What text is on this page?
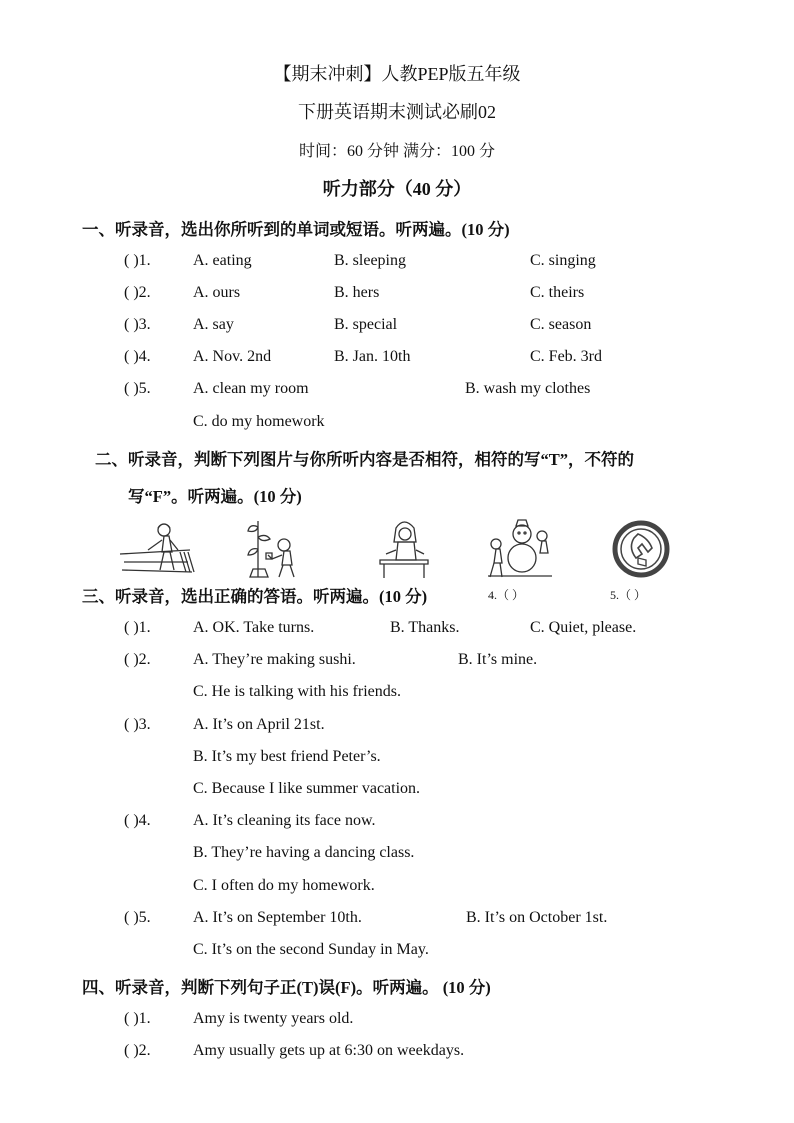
【期末冲刺】人教PEP版五年级
下册英语期末测试必刷02
时间：60 分钟 满分：100 分
听力部分（40 分）
一、听录音，选出你所听到的单词或短语。听两遍。(10 分)
( )1.	A. eating	B. sleeping	C. singing
( )2.	A. ours	B. hers	C. theirs
( )3.	A. say	B. special	C. season
( )4.	A. Nov. 2nd	B. Jan. 10th	C. Feb. 3rd
( )5.	A. clean my room	B. wash my clothes
C. do my homework
二、听录音，判断下列图片与你所听内容是否相符，相符的写“T”，不符的
写“F”。听两遍。(10 分)
4.（ ）	5.（ ）
三、听录音，选出正确的答语。听两遍。(10 分)
( )1.	A. OK. Take turns.	B. Thanks.	C. Quiet, please.
( )2.	A. They’re making sushi.	B. It’s mine.
C. He is talking with his friends.
( )3.	A. It’s on April 21st.
B. It’s my best friend Peter’s.
C. Because I like summer vacation.
( )4.	A. It’s cleaning its face now.
B. They’re having a dancing class.
C. I often do my homework.
( )5.	A. It’s on September 10th.	B. It’s on October 1st.
C. It’s on the second Sunday in May.
四、听录音，判断下列句子正(T)误(F)。听两遍。 (10 分)
( )1.	Amy is twenty years old.
( )2.	Amy usually gets up at 6:30 on weekdays.
